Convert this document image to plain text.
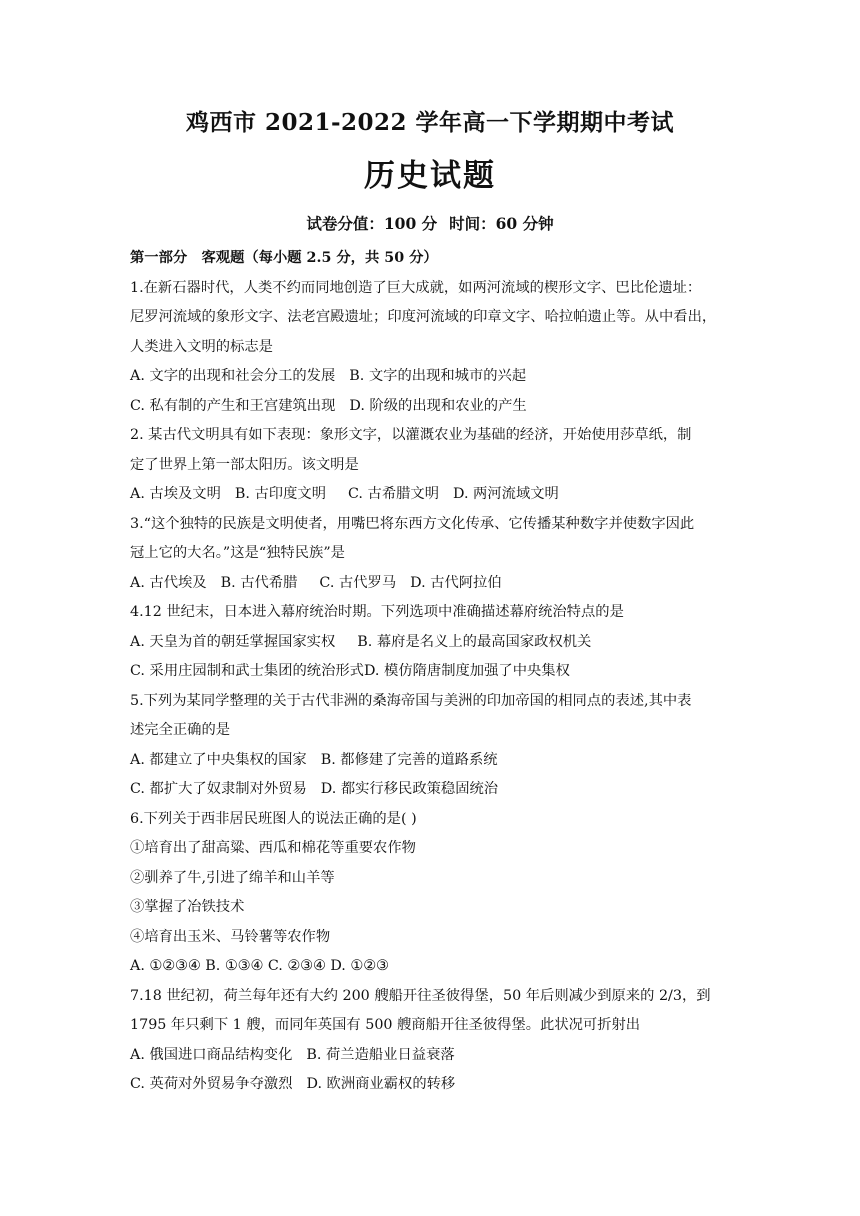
鸡西市 2021-2022 学年高一下学期期中考试
历史试题
试卷分值：100 分 时间：60 分钟
第一部分　客观题（每小题 2.5 分，共 50 分）
1.在新石器时代，人类不约而同地创造了巨大成就，如两河流域的楔形文字、巴比伦遗址：
尼罗河流域的象形文字、法老宫殿遗址；印度河流域的印章文字、哈拉帕遗止等。从中看出，
人类进入文明的标志是
A. 文字的出现和社会分工的发展 B. 文字的出现和城市的兴起
C. 私有制的产生和王宫建筑出现 D. 阶级的出现和农业的产生
2. 某古代文明具有如下表现：象形文字，以灌溉农业为基础的经济，开始使用莎草纸，制
定了世界上第一部太阳历。该文明是
A. 古埃及文明 B. 古印度文明 C. 古希腊文明 D. 两河流域文明
3.“这个独特的民族是文明使者，用嘴巴将东西方文化传承、它传播某种数字并使数字因此
冠上它的大名。”这是“独特民族”是
A. 古代埃及 B. 古代希腊 C. 古代罗马 D. 古代阿拉伯
4.12 世纪末，日本进入幕府统治时期。下列选项中准确描述幕府统治特点的是
A. 天皇为首的朝廷掌握国家实权 B. 幕府是名义上的最高国家政权机关
C. 采用庄园制和武士集团的统治形式D. 模仿隋唐制度加强了中央集权
5.下列为某同学整理的关于古代非洲的桑海帝国与美洲的印加帝国的相同点的表述,其中表
述完全正确的是
A. 都建立了中央集权的国家 B. 都修建了完善的道路系统
C. 都扩大了奴隶制对外贸易 D. 都实行移民政策稳固统治
6.下列关于西非居民班图人的说法正确的是( )
①培育出了甜高粱、西瓜和棉花等重要农作物
②驯养了牛,引进了绵羊和山羊等
③掌握了冶铁技术
④培育出玉米、马铃薯等农作物
A. ①②③④ B. ①③④ C. ②③④ D. ①②③
7.18 世纪初，荷兰每年还有大约 200 艘船开往圣彼得堡，50 年后则减少到原来的 2/3，到
1795 年只剩下 1 艘，而同年英国有 500 艘商船开往圣彼得堡。此状况可折射出
A. 俄国进口商品结构变化 B. 荷兰造船业日益衰落
C. 英荷对外贸易争夺激烈 D. 欧洲商业霸权的转移
